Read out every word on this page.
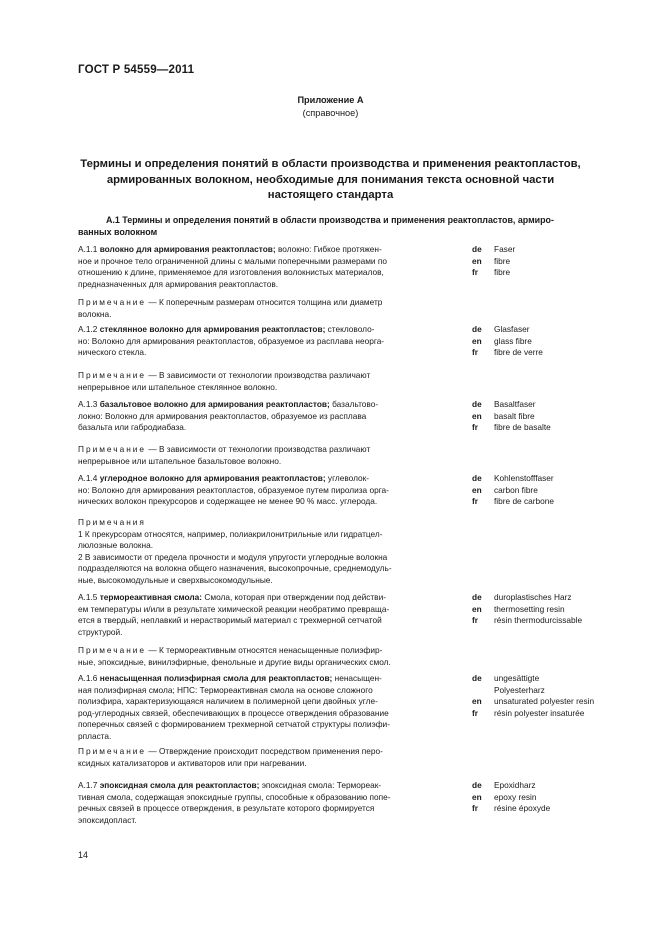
ГОСТ Р 54559—2011
Приложение А
(справочное)
Термины и определения понятий в области производства и применения реактопластов,
армированных волокном, необходимые для понимания текста основной части
настоящего стандарта
А.1 Термины и определения понятий в области производства и применения реактопластов, армиро-
ванных волокном
А.1.1 волокно для армирования реактопластов; волокно: Гибкое протяжен-
ное и прочное тело ограниченной длины с малыми поперечными размерами по
отношению к длине, применяемое для изготовления волокнистых материалов,
предназначенных для армирования реактопластов.
de	Faser
en	fibre
fr	fibre
Примечание — К поперечным размерам относится толщина или диаметр
волокна.
А.1.2 стеклянное волокно для армирования реактопластов; стекловоло-
но: Волокно для армирования реактопластов, образуемое из расплава неорга-
нического стекла.
de	Glasfaser
en	glass fibre
fr	fibre de verre
Примечание — В зависимости от технологии производства различают
непрерывное или штапельное стеклянное волокно.
А.1.3 базальтовое волокно для армирования реактопластов; базальтово-
локно: Волокно для армирования реактопластов, образуемое из расплава
базальта или габродиабаза.
de	Basaltfaser
en	basalt fibre
fr	fibre de basalte
Примечание — В зависимости от технологии производства различают
непрерывное или штапельное базальтовое волокно.
А.1.4 углеродное волокно для армирования реактопластов; углеволок-
но: Волокно для армирования реактопластов, образуемое путем пиролиза орга-
нических волокон прекурсоров и содержащее не менее 90 % масс. углерода.
de	Kohlenstofffaser
en	carbon fibre
fr	fibre de carbone
Примечания
1 К прекурсорам относятся, например, полиакрилонитрильные или гидратцел-
люлозные волокна.
2 В зависимости от предела прочности и модуля упругости углеродные волокна
подразделяются на волокна общего назначения, высокопрочные, среднемодуль-
ные, высокомодульные и сверхвысокомодульные.
А.1.5 термореактивная смола: Смола, которая при отверждении под действи-
ем температуры и/или в результате химической реакции необратимо превраща-
ется в твердый, неплавкий и нерастворимый материал с трехмерной сетчатой
структурой.
de	duroplastisches Harz
en	thermosetting resin
fr	résin thermodurcissable
Примечание — К термореактивным относятся ненасыщенные полиэфир-
ные, эпоксидные, винилэфирные, фенольные и другие виды органических смол.
А.1.6 ненасыщенная полиэфирная смола для реактопластов; ненасыщен-
ная полиэфирная смола; НПС: Термореактивная смола на основе сложного
полиэфира, характеризующаяся наличием в полимерной цепи двойных угле-
род-углеродных связей, обеспечивающих в процессе отверждения образование
поперечных связей с формированием трехмерной сетчатой структуры полиэфи-
рпласта.
de	ungesättigte
Polyesterharz
en	unsaturated polyester resin
fr	résin polyester insaturée
Примечание — Отверждение происходит посредством применения перо-
ксидных катализаторов и активаторов или при нагревании.
А.1.7 эпоксидная смола для реактопластов; эпоксидная смола: Термореак-
тивная смола, содержащая эпоксидные группы, способные к образованию попе-
речных связей в процессе отверждения, в результате которого формируется
эпоксидопласт.
de	Epoxidharz
en	epoxy resin
fr	résine époxyde
14
